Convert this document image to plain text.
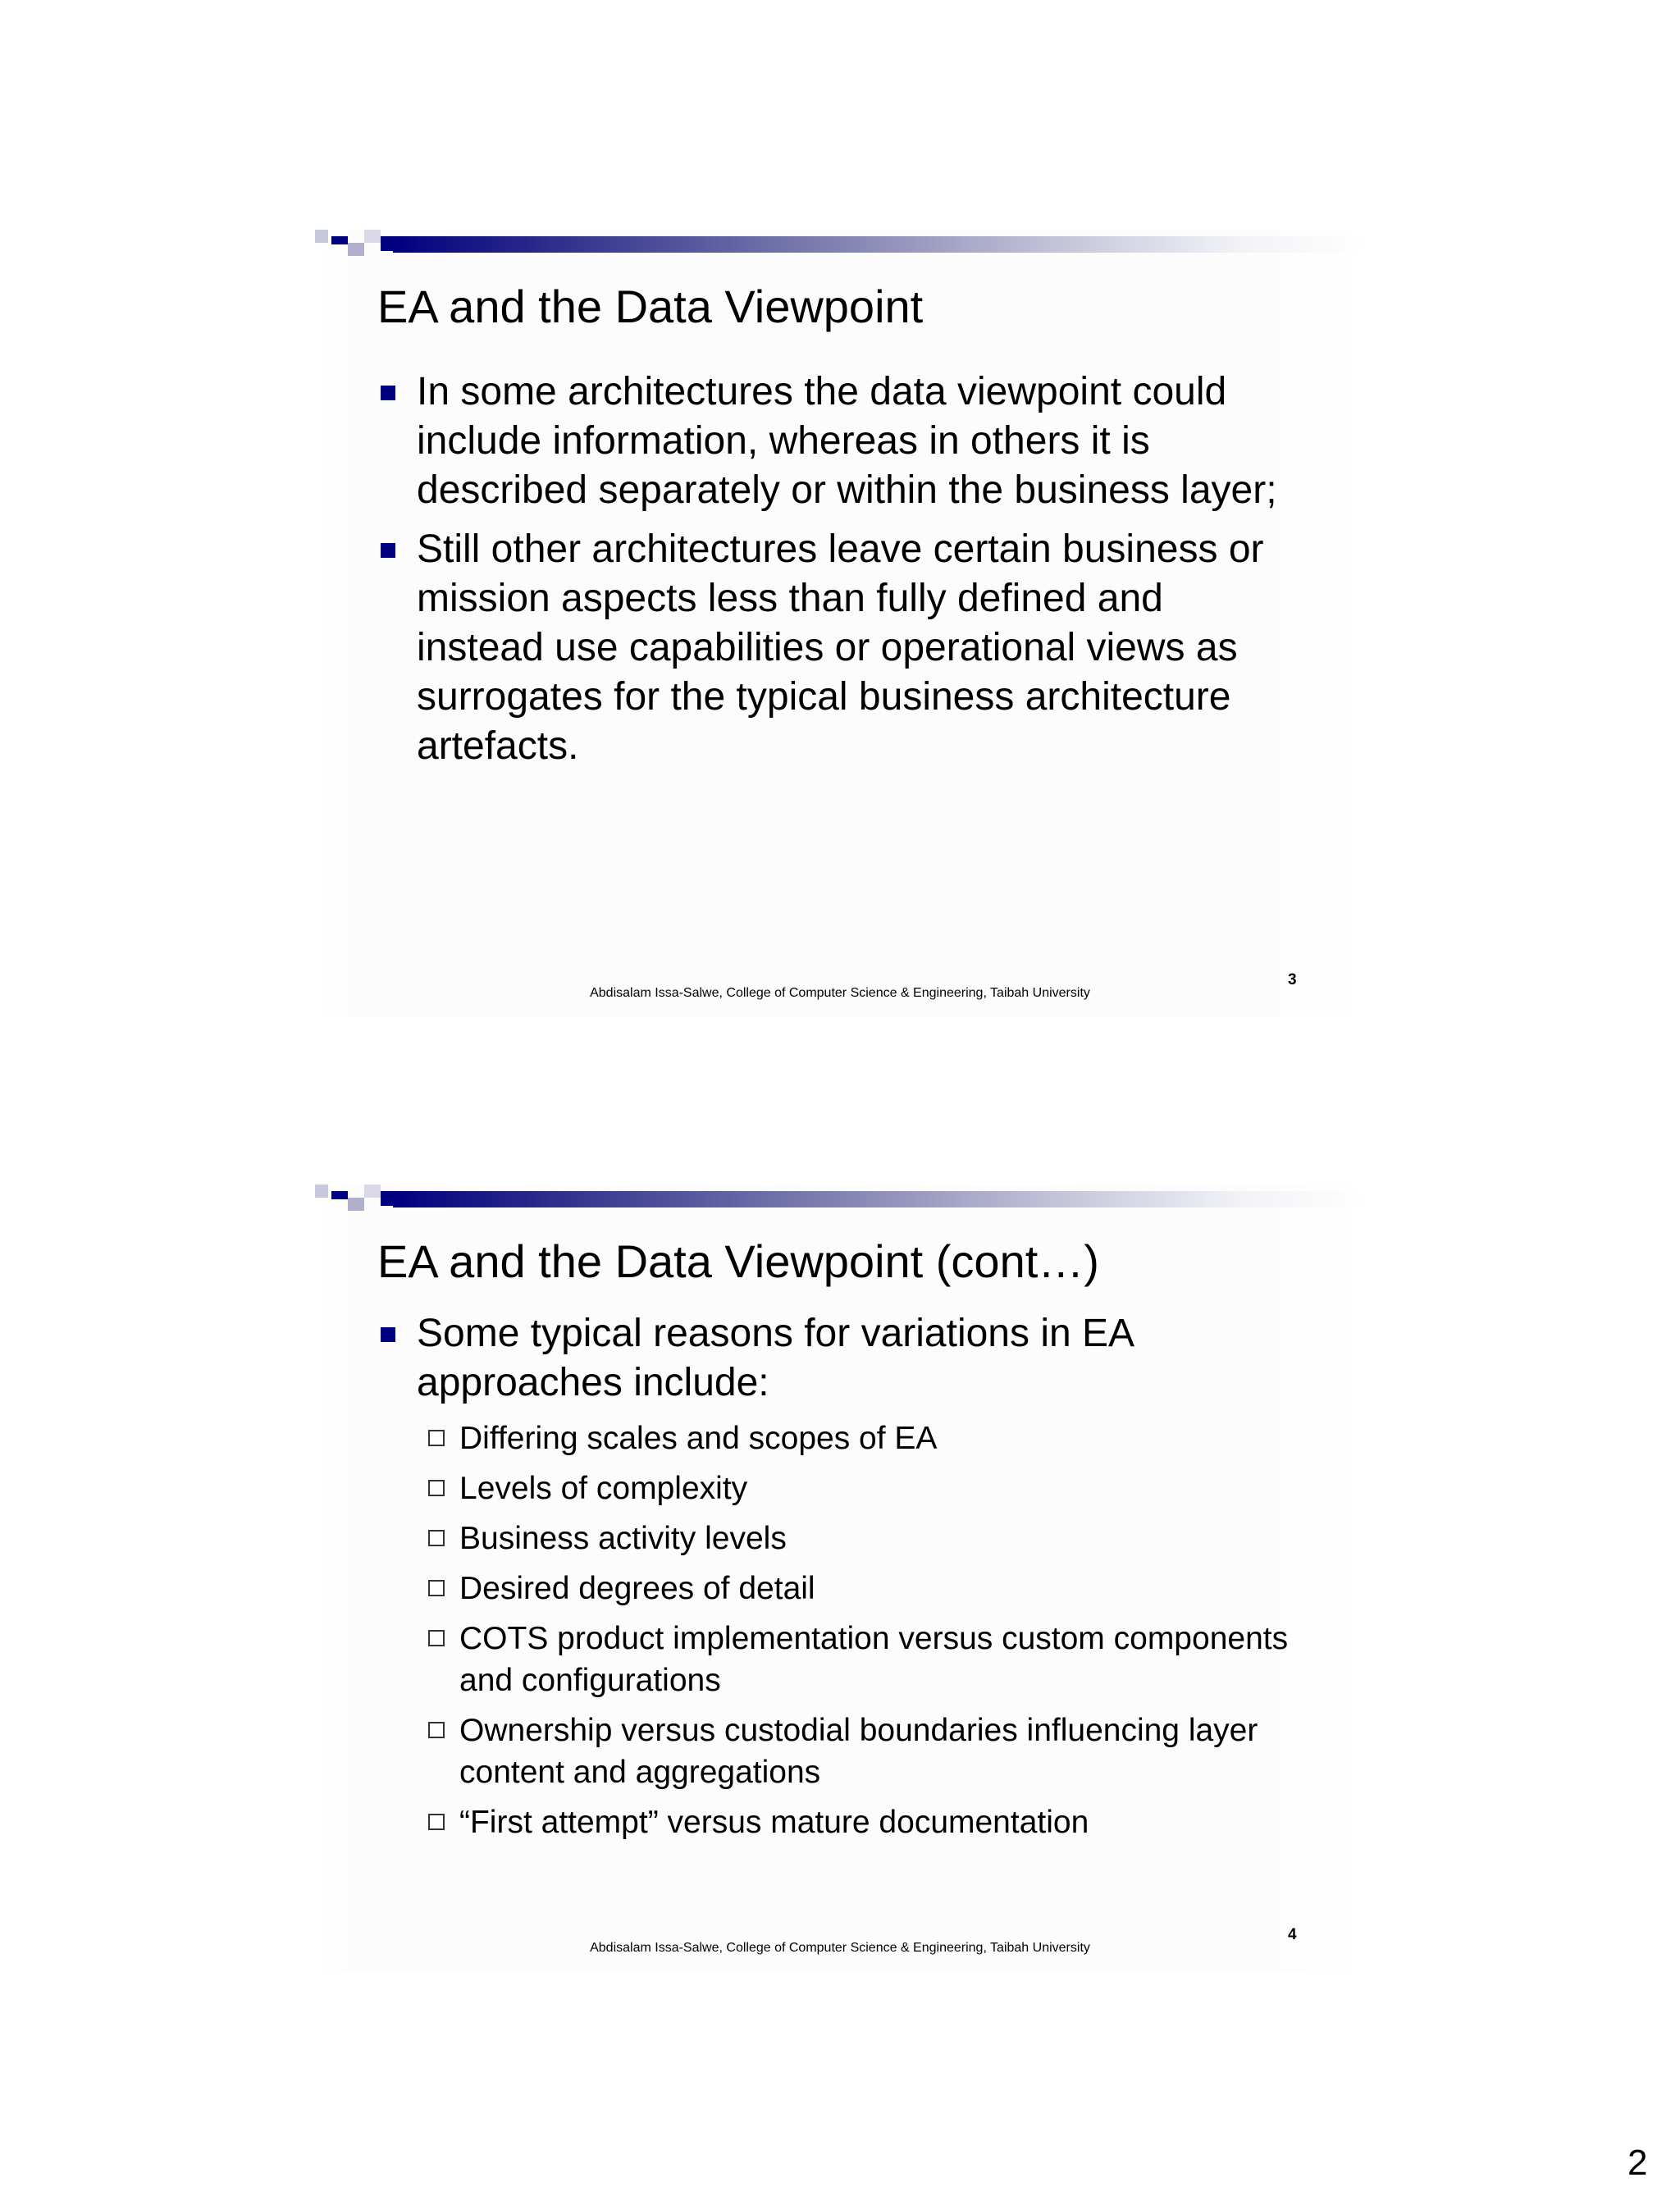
EA and the Data Viewpoint
In some architectures the data viewpoint could include information, whereas in others it is described separately or within the business layer;
Still other architectures leave certain business or mission aspects less than fully defined and instead use capabilities or operational views as surrogates for the typical business architecture artefacts.
Abdisalam Issa-Salwe, College of Computer Science & Engineering, Taibah University
3
EA and the Data Viewpoint (cont…)
Some typical reasons for variations in EA approaches include:
Differing scales and scopes of EA
Levels of complexity
Business activity levels
Desired degrees of detail
COTS product implementation versus custom components and configurations
Ownership versus custodial boundaries influencing layer content and aggregations
“First attempt” versus mature documentation
Abdisalam Issa-Salwe, College of Computer Science & Engineering, Taibah University
4
2
